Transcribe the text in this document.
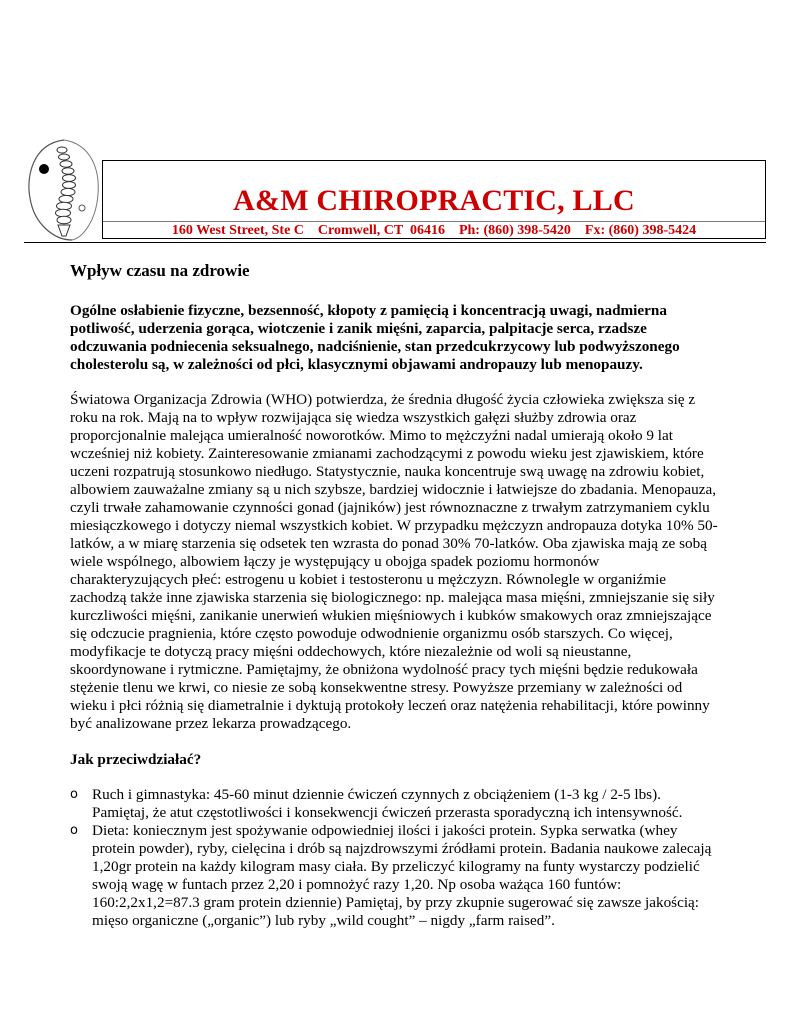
A&M CHIROPRACTIC, LLC

160 West Street, Ste C    Cromwell, CT  06416    Ph: (860) 398-5420    Fx: (860) 398-5424

Wpływ czasu na zdrowie

Ogólne osłabienie fizyczne, bezsenność, kłopoty z pamięcią i koncentracją uwagi, nadmierna potliwość, uderzenia gorąca, wiotczenie i zanik mięśni, zaparcia, palpitacje serca, rzadsze odczuwania podniecenia seksualnego, nadciśnienie, stan przedcukrzycowy lub podwyższonego cholesterolu są, w zależności od płci, klasycznymi objawami andropauzy lub menopauzy.

Światowa Organizacja Zdrowia (WHO) potwierdza, że średnia długość życia człowieka zwiększa się z roku na rok. Mają na to wpływ rozwijająca się wiedza wszystkich gałęzi służby zdrowia oraz proporcjonalnie malejąca umieralność noworotków. Mimo to mężczyźni nadal umierają około 9 lat wcześniej niż kobiety. Zainteresowanie zmianami zachodzącymi z powodu wieku jest zjawiskiem, które uczeni rozpatrują stosunkowo niedługo. Statystycznie, nauka koncentruje swą uwagę na zdrowiu kobiet, albowiem zauważalne zmiany są u nich szybsze, bardziej widocznie i łatwiejsze do zbadania. Menopauza, czyli trwałe zahamowanie czynności gonad (jajników) jest równoznaczne z trwałym zatrzymaniem cyklu miesiączkowego i dotyczy niemal wszystkich kobiet. W przypadku mężczyzn andropauza dotyka 10% 50-latków, a w miarę starzenia się odsetek ten wzrasta do ponad 30% 70-latków. Oba zjawiska mają ze sobą wiele wspólnego, albowiem łączy je występujący u obojga spadek poziomu hormonów charakteryzujących płeć: estrogenu u kobiet i testosteronu u mężczyzn. Równolegle w organiźmie zachodzą także inne zjawiska starzenia się biologicznego: np. malejąca masa mięśni, zmniejszanie się siły kurczliwości mięśni, zanikanie unerwień włukien mięśniowych i kubków smakowych oraz zmniejszające się odczucie pragnienia, które często powoduje odwodnienie organizmu osób starszych. Co więcej, modyfikacje te dotyczą pracy mięśni oddechowych, które niezależnie od woli są nieustanne, skoordynowane i rytmiczne. Pamiętajmy, że obniżona wydolność pracy tych mięśni będzie redukowała stężenie tlenu we krwi, co niesie ze sobą konsekwentne stresy. Powyższe przemiany w zależności od wieku i płci różnią się diametralnie i dyktują protokoły leczeń oraz natężenia rehabilitacji, które powinny być analizowane przez lekarza prowadzącego.

Jak przeciwdziałać?

o Ruch i gimnastyka: 45-60 minut dziennie ćwiczeń czynnych z obciążeniem (1-3 kg / 2-5 lbs). Pamiętaj, że atut częstotliwości i konsekwencji ćwiczeń przerasta sporadyczną ich intensywność.
o Dieta: koniecznym jest spożywanie odpowiedniej ilości i jakości protein. Sypka serwatka (whey protein powder), ryby, cielęcina i drób są najzdrowszymi źródłami protein. Badania naukowe zalecają 1,20gr protein na każdy kilogram masy ciała. By przeliczyć kilogramy na funty wystarczy podzielić swoją wagę w funtach przez 2,20 i pomnożyć razy 1,20. Np osoba ważąca 160 funtów: 160:2,2x1,2=87.3 gram protein dziennie) Pamiętaj, by przy zkupnie sugerować się zawsze jakością: mięso organiczne („organic”) lub ryby „wild cought” – nigdy „farm raised”.
